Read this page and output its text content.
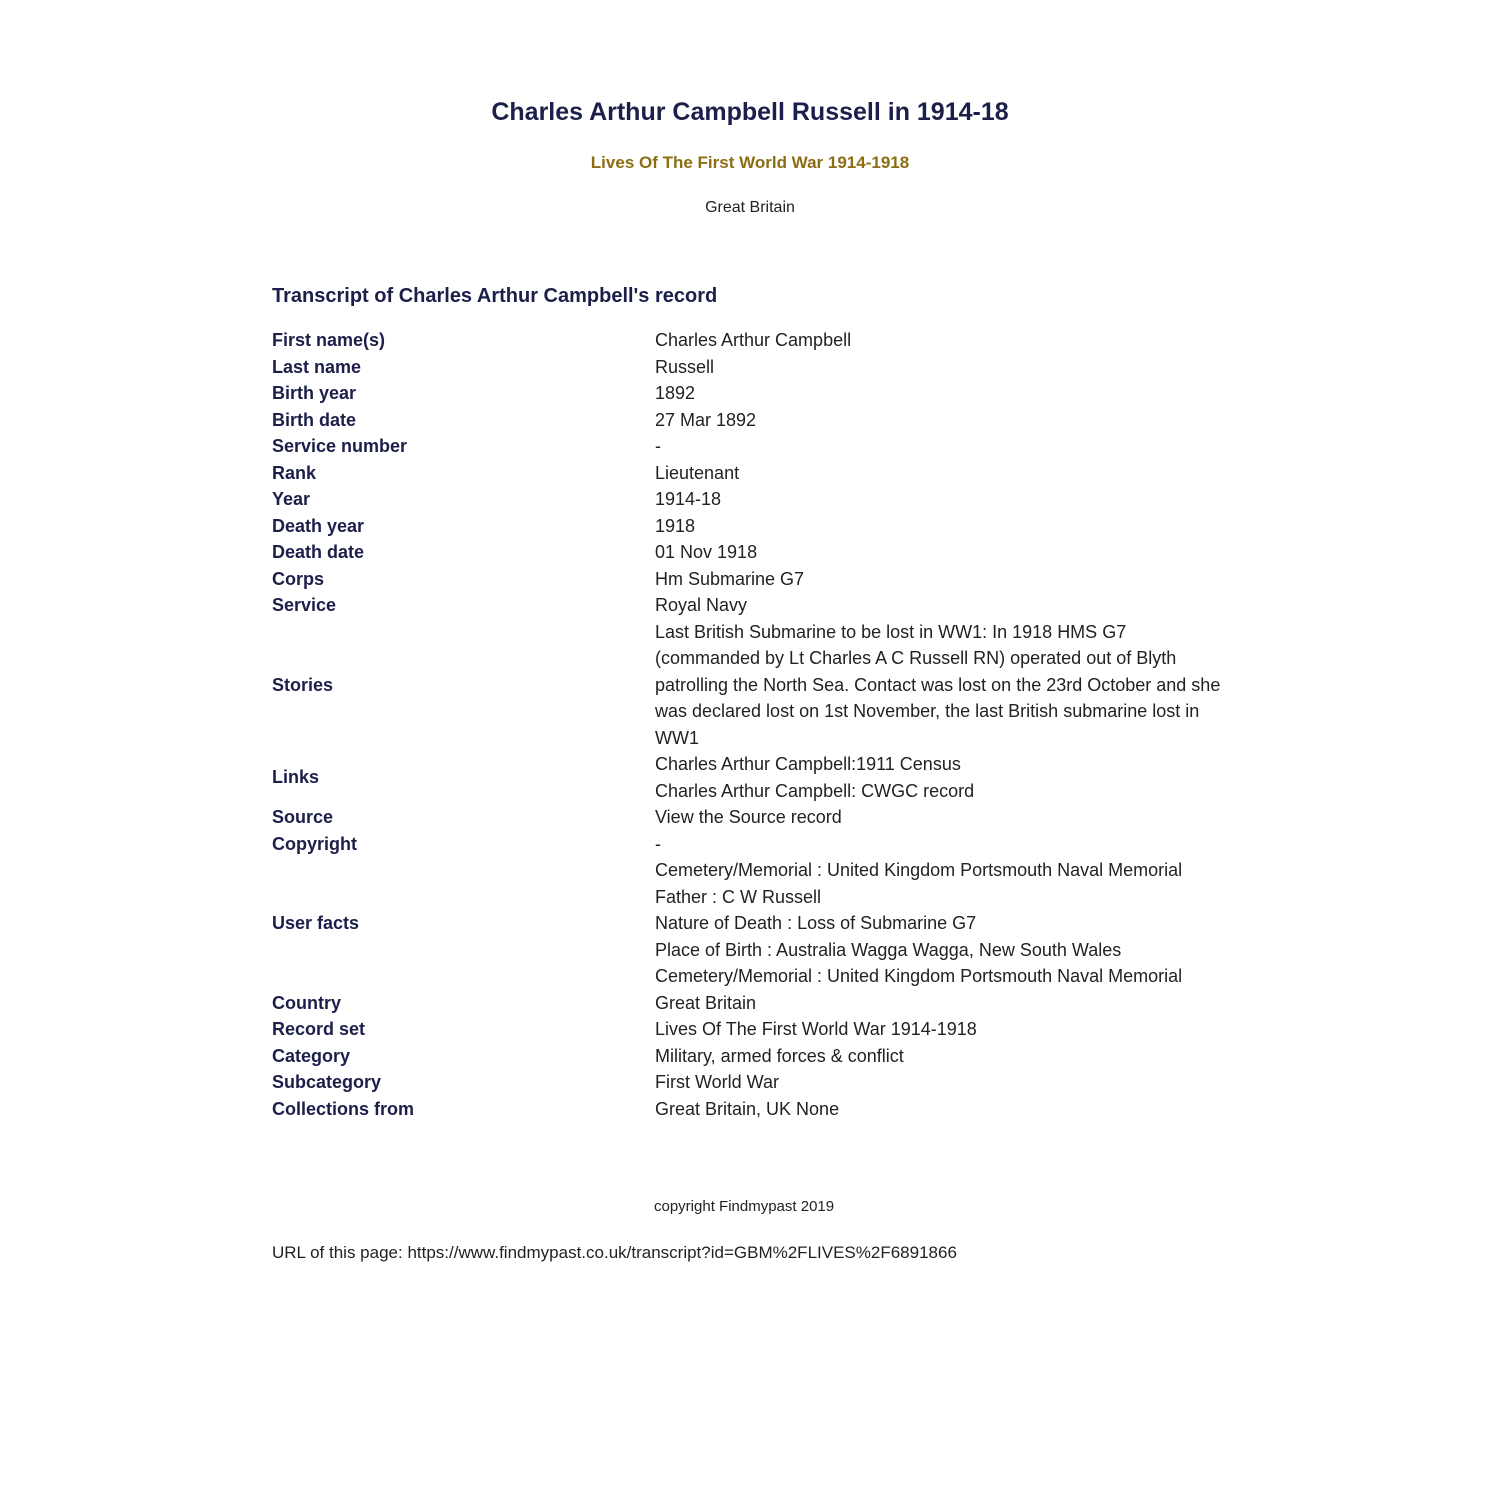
Charles Arthur Campbell Russell in 1914-18
Lives Of The First World War 1914-1918
Great Britain
Transcript of Charles Arthur Campbell's record
First name(s)	Charles Arthur Campbell
Last name	Russell
Birth year	1892
Birth date	27 Mar 1892
Service number	-
Rank	Lieutenant
Year	1914-18
Death year	1918
Death date	01 Nov 1918
Corps	Hm Submarine G7
Service	Royal Navy
Stories	Last British Submarine to be lost in WW1: In 1918 HMS G7 (commanded by Lt Charles A C Russell RN) operated out of Blyth patrolling the North Sea. Contact was lost on the 23rd October and she was declared lost on 1st November, the last British submarine lost in WW1
Links	Charles Arthur Campbell:1911 Census
Charles Arthur Campbell: CWGC record

Source	View the Source record
Copyright	-
User facts	Cemetery/Memorial : United Kingdom Portsmouth Naval Memorial
Father : C W Russell
Nature of Death : Loss of Submarine G7
Place of Birth : Australia Wagga Wagga, New South Wales
Cemetery/Memorial : United Kingdom Portsmouth Naval Memorial

Country	Great Britain
Record set	Lives Of The First World War 1914-1918
Category	Military, armed forces & conflict
Subcategory	First World War
Collections from	Great Britain, UK None
copyright Findmypast 2019
URL of this page: https://www.findmypast.co.uk/transcript?id=GBM%2FLIVES%2F6891866
